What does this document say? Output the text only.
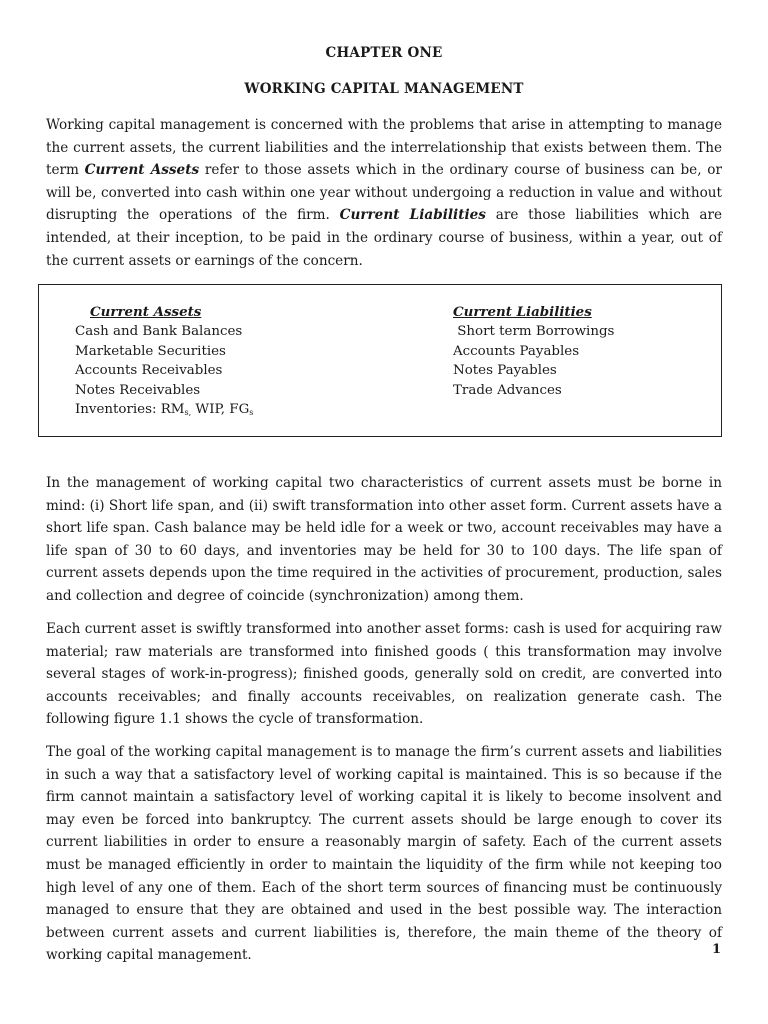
CHAPTER ONE
WORKING CAPITAL MANAGEMENT

Working capital management is concerned with the problems that arise in attempting to manage the current assets, the current liabilities and the interrelationship that exists between them. The term Current Assets refer to those assets which in the ordinary course of business can be, or will be, converted into cash within one year without undergoing a reduction in value and without disrupting the operations of the firm. Current Liabilities are those liabilities which are intended, at their inception, to be paid in the ordinary course of business, within a year, out of the current assets or earnings of the concern.

Current Assets
Cash and Bank Balances
Marketable Securities
Accounts Receivables
Notes Receivables
Inventories: $RM_{s,}$ WIP, $FG_s$
Current Liabilities
Short term Borrowings
Accounts Payables
Notes Payables
Trade Advances

In the management of working capital two characteristics of current assets must be borne in mind: (i) Short life span, and (ii) swift transformation into other asset form. Current assets have a short life span. Cash balance may be held idle for a week or two, account receivables may have a life span of 30 to 60 days, and inventories may be held for 30 to 100 days. The life span of current assets depends upon the time required in the activities of procurement, production, sales and collection and degree of coincide (synchronization) among them.

Each current asset is swiftly transformed into another asset forms: cash is used for acquiring raw material; raw materials are transformed into finished goods ( this transformation may involve several stages of work-in-progress); finished goods, generally sold on credit, are converted into accounts receivables; and finally accounts receivables, on realization generate cash. The following figure 1.1 shows the cycle of transformation.

The goal of the working capital management is to manage the firm’s current assets and liabilities in such a way that a satisfactory level of working capital is maintained. This is so because if the firm cannot maintain a satisfactory level of working capital it is likely to become insolvent and may even be forced into bankruptcy. The current assets should be large enough to cover its current liabilities in order to ensure a reasonably margin of safety. Each of the current assets must be managed efficiently in order to maintain the liquidity of the firm while not keeping too high level of any one of them. Each of the short term sources of financing must be continuously managed to ensure that they are obtained and used in the best possible way. The interaction between current assets and current liabilities is, therefore, the main theme of the theory of working capital management.	1
